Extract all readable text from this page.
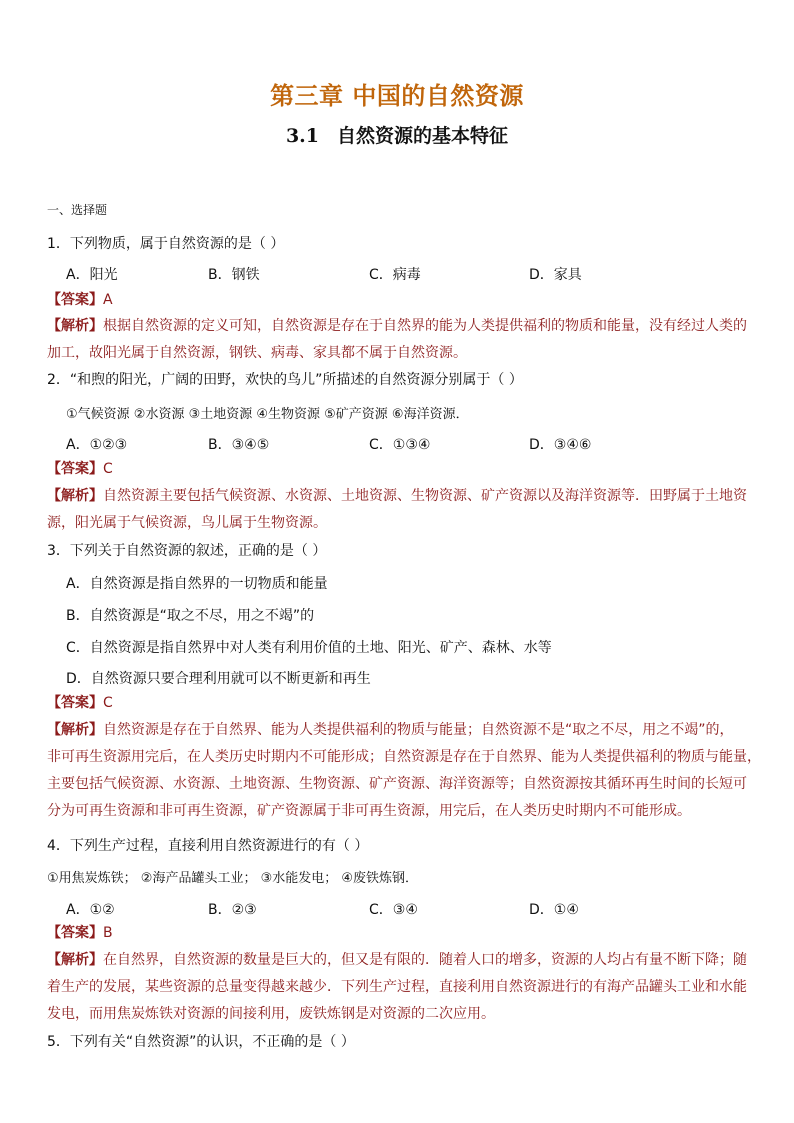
第三章 中国的自然资源
3.1 自然资源的基本特征
一、选择题
1．下列物质，属于自然资源的是（ ）
A．阳光	B．钢铁	C．病毒	D．家具
【答案】A
【解析】根据自然资源的定义可知，自然资源是存在于自然界的能为人类提供福利的物质和能量，没有经过人类的
加工，故阳光属于自然资源，钢铁、病毒、家具都不属于自然资源。
2．“和煦的阳光，广阔的田野，欢快的鸟儿”所描述的自然资源分别属于（ ）
①气候资源 ②水资源 ③土地资源 ④生物资源 ⑤矿产资源 ⑥海洋资源．
A．①②③	B．③④⑤	C．①③④	D．③④⑥
【答案】C
【解析】自然资源主要包括气候资源、水资源、土地资源、生物资源、矿产资源以及海洋资源等．田野属于土地资
源，阳光属于气候资源，鸟儿属于生物资源。
3．下列关于自然资源的叙述，正确的是（ ）
A．自然资源是指自然界的一切物质和能量
B．自然资源是“取之不尽，用之不竭”的
C．自然资源是指自然界中对人类有利用价值的土地、阳光、矿产、森林、水等
D．自然资源只要合理利用就可以不断更新和再生
【答案】C
【解析】自然资源是存在于自然界、能为人类提供福利的物质与能量；自然资源不是“取之不尽，用之不竭”的，
非可再生资源用完后，在人类历史时期内不可能形成；自然资源是存在于自然界、能为人类提供福利的物质与能量，
主要包括气候资源、水资源、土地资源、生物资源、矿产资源、海洋资源等；自然资源按其循环再生时间的长短可
分为可再生资源和非可再生资源，矿产资源属于非可再生资源，用完后，在人类历史时期内不可能形成。
4．下列生产过程，直接利用自然资源进行的有（ ）
①用焦炭炼铁； ②海产品罐头工业； ③水能发电； ④废铁炼钢．
A．①②	B．②③	C．③④	D．①④
【答案】B
【解析】在自然界，自然资源的数量是巨大的，但又是有限的．随着人口的增多，资源的人均占有量不断下降；随
着生产的发展，某些资源的总量变得越来越少．下列生产过程，直接利用自然资源进行的有海产品罐头工业和水能
发电，而用焦炭炼铁对资源的间接利用，废铁炼钢是对资源的二次应用。
5．下列有关“自然资源”的认识，不正确的是（ ）
